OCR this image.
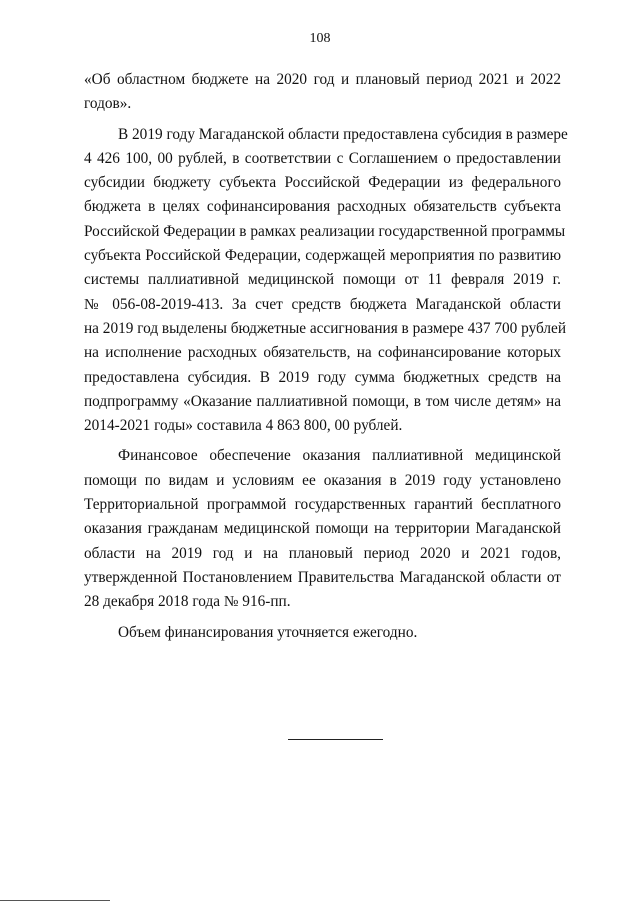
108

«Об областном бюджете на 2020 год и плановый период 2021 и 2022
годов».

В 2019 году Магаданской области предоставлена субсидия в размере
4 426 100, 00 рублей, в соответствии с Соглашением о предоставлении
субсидии бюджету субъекта Российской Федерации из федерального
бюджета в целях софинансирования расходных обязательств субъекта
Российской Федерации в рамках реализации государственной программы
субъекта Российской Федерации, содержащей мероприятия по развитию
системы паллиативной медицинской помощи от 11 февраля 2019 г.
№ 056-08-2019-413. За счет средств бюджета Магаданской области
на 2019 год выделены бюджетные ассигнования в размере 437 700 рублей
на исполнение расходных обязательств, на софинансирование которых
предоставлена субсидия. В 2019 году сумма бюджетных средств на
подпрограмму «Оказание паллиативной помощи, в том числе детям» на
2014-2021 годы» составила 4 863 800, 00 рублей.

Финансовое обеспечение оказания паллиативной медицинской
помощи по видам и условиям ее оказания в 2019 году установлено
Территориальной программой государственных гарантий бесплатного
оказания гражданам медицинской помощи на территории Магаданской
области на 2019 год и на плановый период 2020 и 2021 годов,
утвержденной Постановлением Правительства Магаданской области от
28 декабря 2018 года № 916-пп.

Объем финансирования уточняется ежегодно.
